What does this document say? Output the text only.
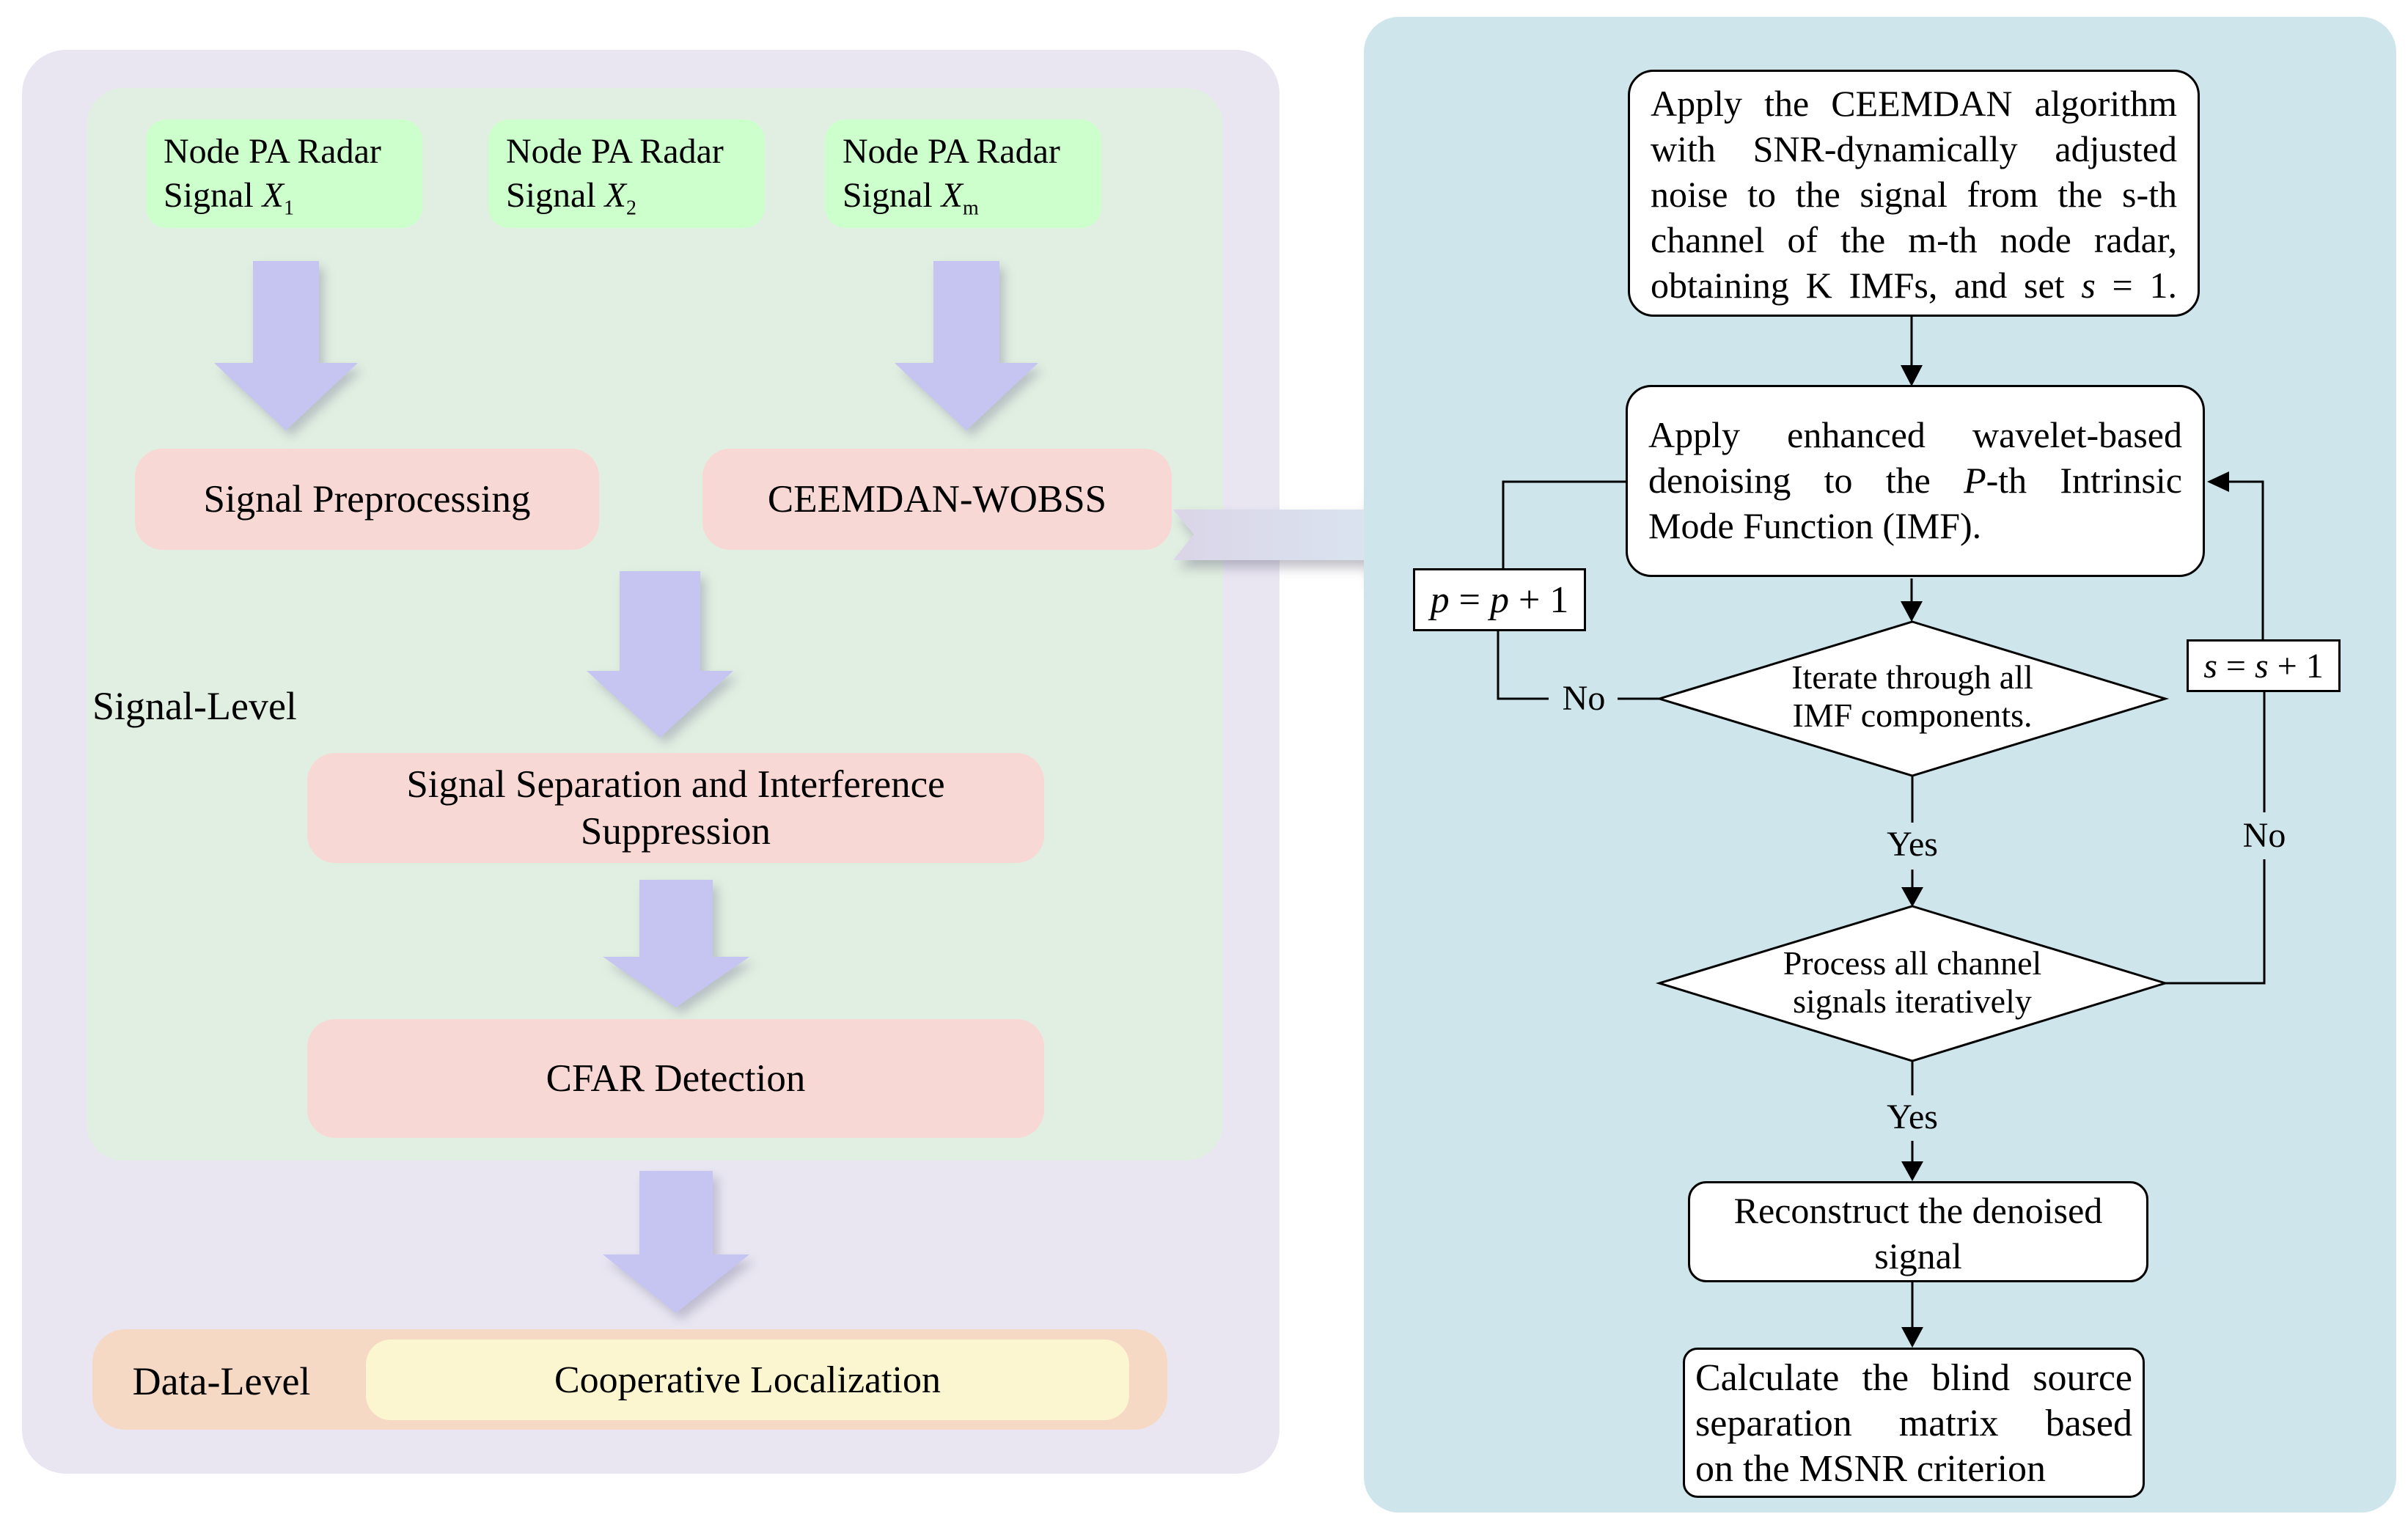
Node PA Radar
Signal $X_1$
Node PA Radar
Signal $X_2$
Node PA Radar
Signal $X_m$
Signal Preprocessing	CEEMDAN-WOBSS
Signal-Level
Signal Separation and Interference
Suppression
CFAR Detection
Cooperative Localization
Data-Level
Apply the CEEMDAN algorithm
with SNR-dynamically adjusted
noise to the signal from the s-th
channel of the m-th node radar,
obtaining K IMFs, and set s = 1.
Apply enhanced wavelet-based
denoising to the P-th Intrinsic
Mode Function (IMF).
Iterate through all
IMF components.
p = p + 1
s = s + 1
No
No
Yes
Yes
Process all channel
signals iteratively
Reconstruct the denoised
signal
Calculate the blind source
separation matrix based
on the MSNR criterion
